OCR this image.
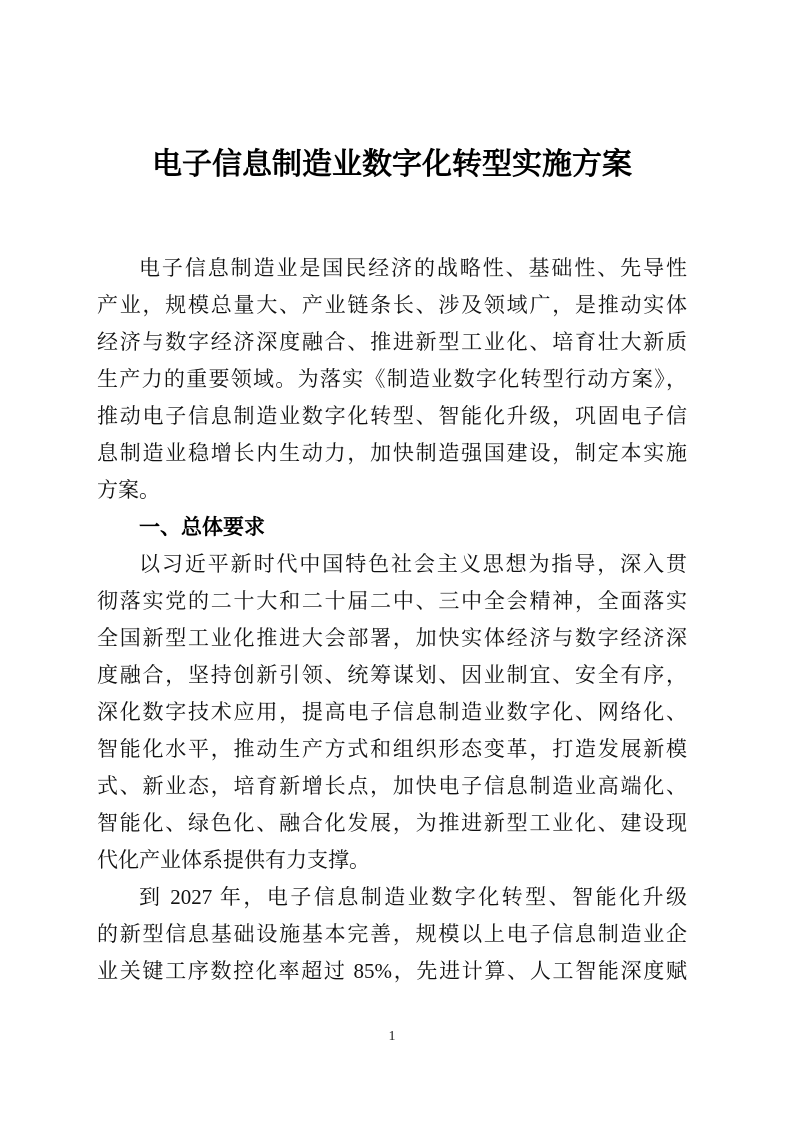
电子信息制造业数字化转型实施方案
电子信息制造业是国民经济的战略性、基础性、先导性
产业，规模总量大、产业链条长、涉及领域广，是推动实体
经济与数字经济深度融合、推进新型工业化、培育壮大新质
生产力的重要领域。为落实《制造业数字化转型行动方案》，
推动电子信息制造业数字化转型、智能化升级，巩固电子信
息制造业稳增长内生动力，加快制造强国建设，制定本实施
方案。
一、总体要求
以习近平新时代中国特色社会主义思想为指导，深入贯
彻落实党的二十大和二十届二中、三中全会精神，全面落实
全国新型工业化推进大会部署，加快实体经济与数字经济深
度融合，坚持创新引领、统筹谋划、因业制宜、安全有序，
深化数字技术应用，提高电子信息制造业数字化、网络化、
智能化水平，推动生产方式和组织形态变革，打造发展新模
式、新业态，培育新增长点，加快电子信息制造业高端化、
智能化、绿色化、融合化发展，为推进新型工业化、建设现
代化产业体系提供有力支撑。
到 2027 年，电子信息制造业数字化转型、智能化升级
的新型信息基础设施基本完善，规模以上电子信息制造业企
业关键工序数控化率超过 85%，先进计算、人工智能深度赋
1
